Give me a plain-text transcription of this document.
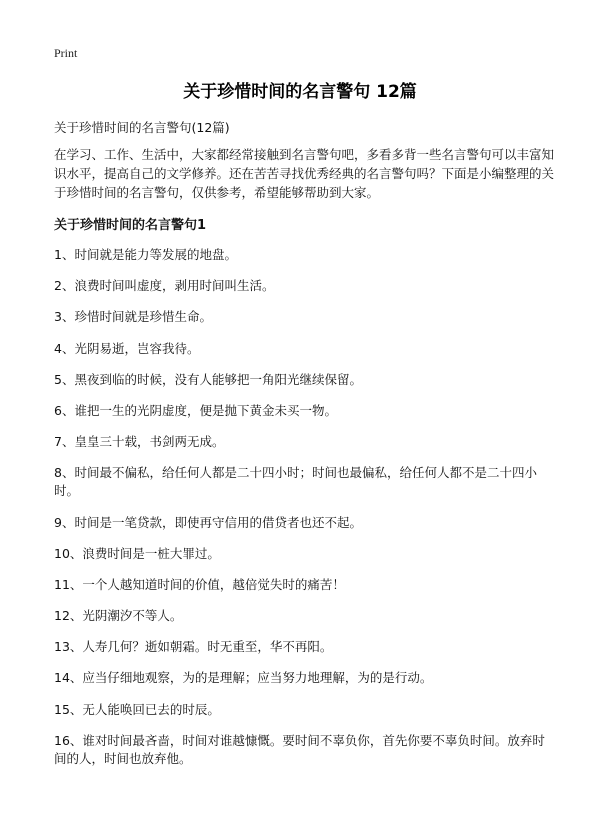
Print
关于珍惜时间的名言警句 12篇

关于珍惜时间的名言警句(12篇)

在学习、工作、生活中，大家都经常接触到名言警句吧，多看多背一些名言警句可以丰富知识水平，提高自己的文学修养。还在苦苦寻找优秀经典的名言警句吗？下面是小编整理的关于珍惜时间的名言警句，仅供参考，希望能够帮助到大家。

关于珍惜时间的名言警句1

1、时间就是能力等发展的地盘。

2、浪费时间叫虚度，剥用时间叫生活。

3、珍惜时间就是珍惜生命。

4、光阴易逝，岂容我待。

5、黑夜到临的时候，没有人能够把一角阳光继续保留。

6、谁把一生的光阴虚度，便是抛下黄金未买一物。

7、皇皇三十载，书剑两无成。

8、时间最不偏私，给任何人都是二十四小时；时间也最偏私，给任何人都不是二十四小时。

9、时间是一笔贷款，即使再守信用的借贷者也还不起。

10、浪费时间是一桩大罪过。

11、一个人越知道时间的价值，越倍觉失时的痛苦！

12、光阴潮汐不等人。

13、人寿几何？逝如朝霜。时无重至，华不再阳。

14、应当仔细地观察，为的是理解；应当努力地理解，为的是行动。

15、无人能唤回已去的时辰。

16、谁对时间最吝啬，时间对谁越慷慨。要时间不辜负你，首先你要不辜负时间。放弃时间的人，时间也放弃他。
